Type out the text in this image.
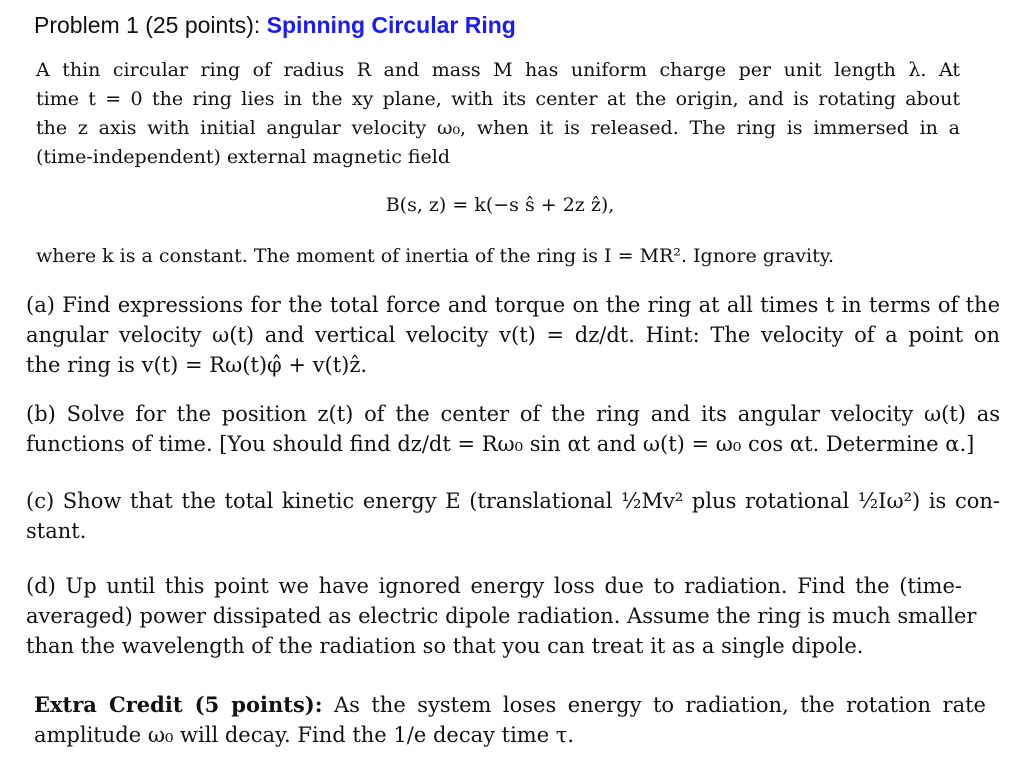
Problem 1 (25 points): Spinning Circular Ring
A thin circular ring of radius R and mass M has uniform charge per unit length λ. At
time t = 0 the ring lies in the xy plane, with its center at the origin, and is rotating about
the z axis with initial angular velocity ω₀, when it is released. The ring is immersed in a
(time-independent) external magnetic field
B(s, z) = k(−s ŝ + 2z ẑ),
where k is a constant. The moment of inertia of the ring is I = MR². Ignore gravity.
(a) Find expressions for the total force and torque on the ring at all times t in terms of the
angular velocity ω(t) and vertical velocity v(t) = dz/dt. Hint: The velocity of a point on
the ring is v(t) = Rω(t)φ̂ + v(t)ẑ.
(b) Solve for the position z(t) of the center of the ring and its angular velocity ω(t) as
functions of time. [You should find dz/dt = Rω₀ sin αt and ω(t) = ω₀ cos αt. Determine α.]
(c) Show that the total kinetic energy E (translational ½Mv² plus rotational ½Iω²) is con-
stant.
(d) Up until this point we have ignored energy loss due to radiation. Find the (time-
averaged) power dissipated as electric dipole radiation. Assume the ring is much smaller
than the wavelength of the radiation so that you can treat it as a single dipole.
Extra Credit (5 points): As the system loses energy to radiation, the rotation rate
amplitude ω₀ will decay. Find the 1/e decay time τ.
